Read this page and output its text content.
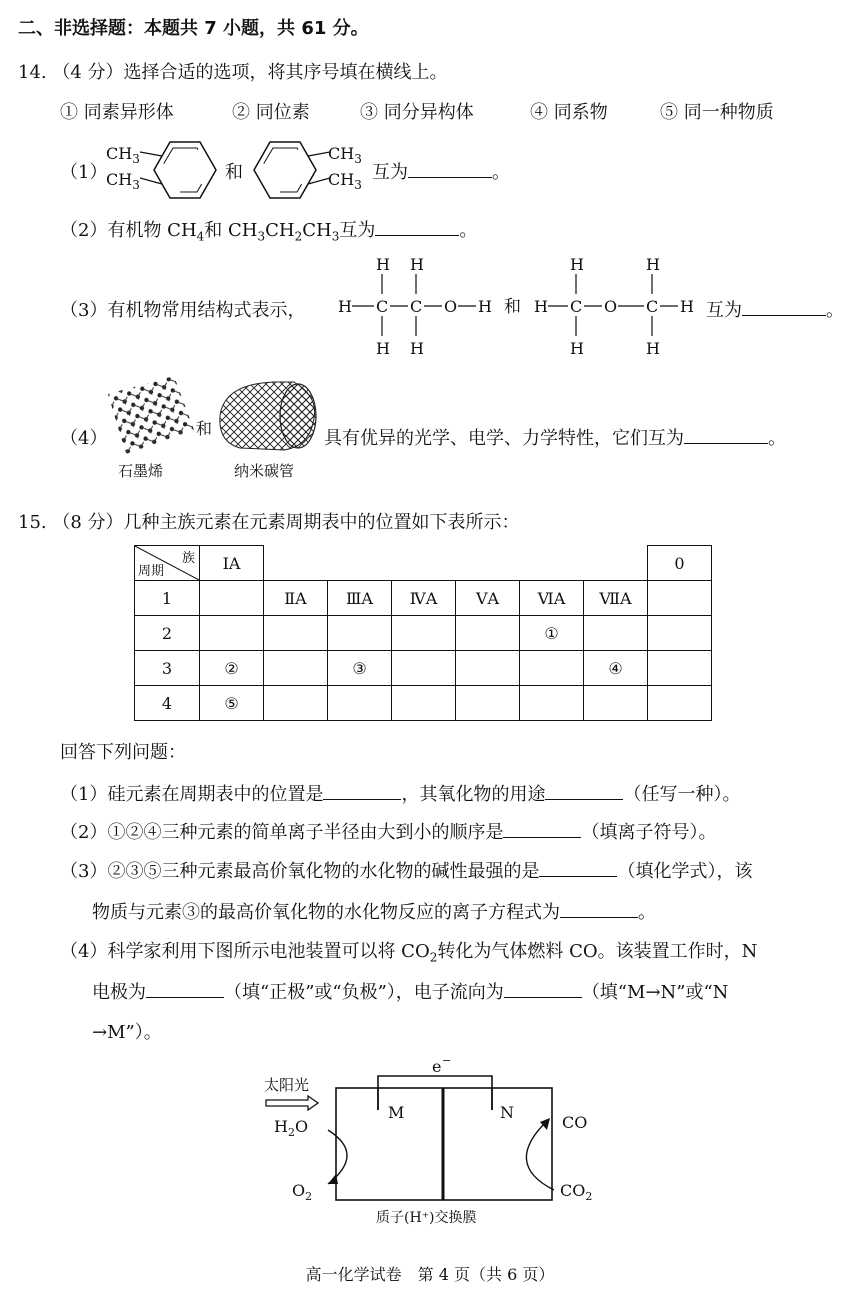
二、非选择题：本题共 7 小题，共 61 分。
14. （4 分）选择合适的选项，将其序号填在横线上。
① 同素异形体	② 同位素	③ 同分异构体	④ 同系物	⑤ 同一种物质
（1）
$CH_3$
$CH_3$
和
$CH_3$
$CH_3$
互为	。
（2）有机物 $CH_4$和 $CH_3CH_2CH_3$互为	。
（3）有机物常用结构式表示， H C C O H
H H
H H
和 H C O C H
H	H
H	H
互为	。
（4）	和
石墨烯	纳米碳管
具有优异的光学、电学、力学特性，它们互为	。
15. （8 分）几种主族元素在元素周期表中的位置如下表所示：
族
周期	ⅠA							0
1		ⅡA	ⅢA	ⅣA	ⅤA	ⅥA	ⅦA	
2						①		
3	②		③				④	
4	⑤							
回答下列问题：
（1）硅元素在周期表中的位置是	，其氧化物的用途	（任写一种）。
（2）①②④三种元素的简单离子半径由大到小的顺序是	（填离子符号）。
（3）②③⑤三种元素最高价氧化物的水化物的碱性最强的是	（填化学式），该
物质与元素③的最高价氧化物的水化物反应的离子方程式为	。
（4）科学家利用下图所示电池装置可以将 $CO_2$转化为气体燃料 CO。该装置工作时，N
电极为	（填“正极”或“负极”），电子流向为	（填“M→N”或“N
→M”）。
e −
M	N
太阳光
$H_2O$
$O_2$
CO
$CO_2$
质子(H⁺)交换膜
高一化学试卷　第 4 页（共 6 页）
